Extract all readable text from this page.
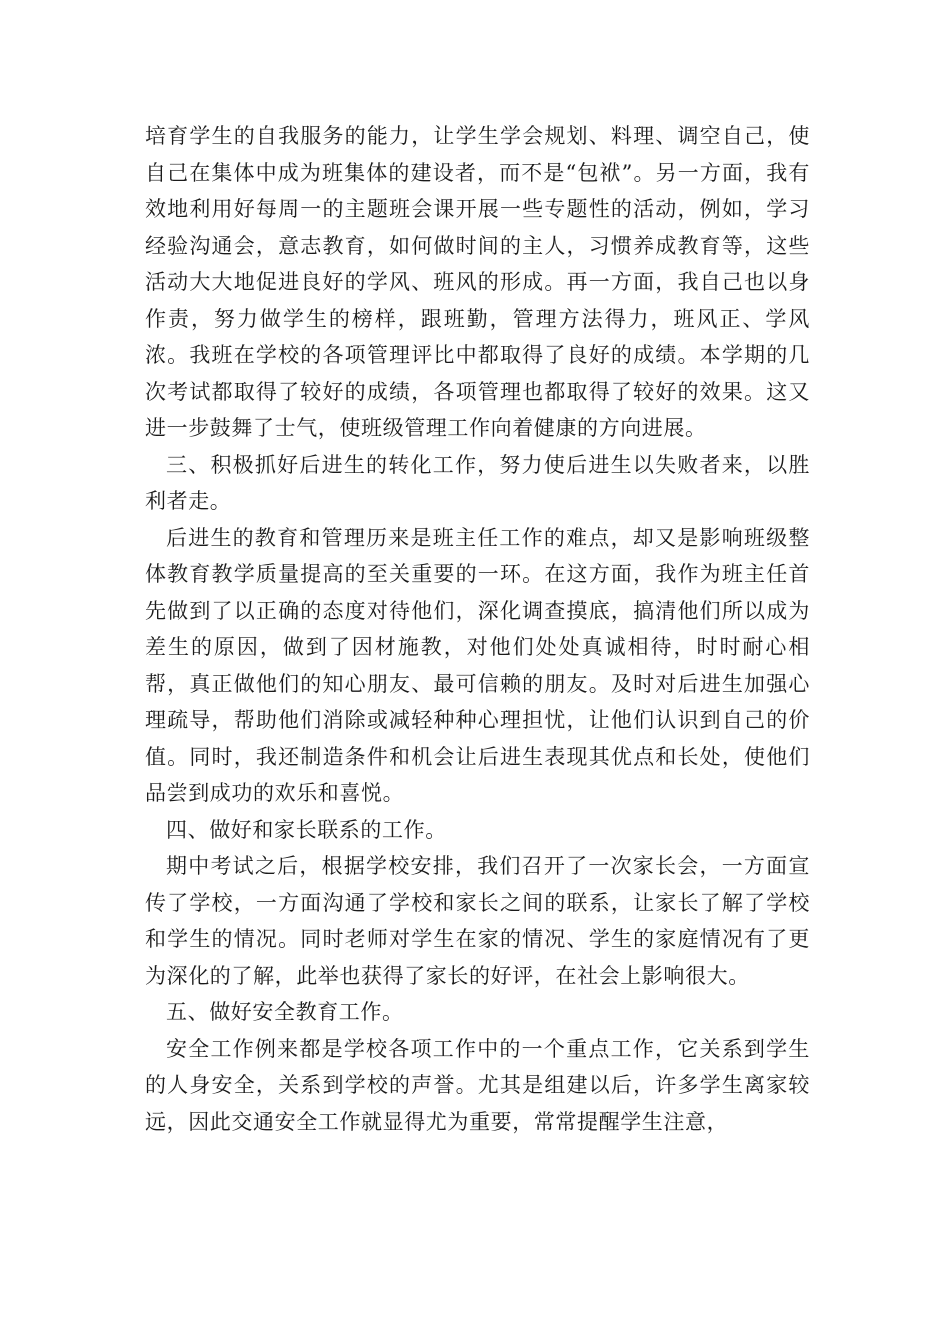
培育学生的自我服务的能力，让学生学会规划、料理、调空自己，使自己在集体中成为班集体的建设者，而不是“包袱”。另一方面，我有效地利用好每周一的主题班会课开展一些专题性的活动，例如，学习经验沟通会，意志教育，如何做时间的主人，习惯养成教育等，这些活动大大地促进良好的学风、班风的形成。再一方面，我自己也以身作责，努力做学生的榜样，跟班勤，管理方法得力，班风正、学风浓。我班在学校的各项管理评比中都取得了良好的成绩。本学期的几次考试都取得了较好的成绩，各项管理也都取得了较好的效果。这又进一步鼓舞了士气，使班级管理工作向着健康的方向进展。

三、积极抓好后进生的转化工作，努力使后进生以失败者来，以胜利者走。

后进生的教育和管理历来是班主任工作的难点，却又是影响班级整体教育教学质量提高的至关重要的一环。在这方面，我作为班主任首先做到了以正确的态度对待他们，深化调查摸底，搞清他们所以成为差生的原因，做到了因材施教，对他们处处真诚相待，时时耐心相帮，真正做他们的知心朋友、最可信赖的朋友。及时对后进生加强心理疏导，帮助他们消除或减轻种种心理担忧，让他们认识到自己的价值。同时，我还制造条件和机会让后进生表现其优点和长处，使他们品尝到成功的欢乐和喜悦。

四、做好和家长联系的工作。

期中考试之后，根据学校安排，我们召开了一次家长会，一方面宣传了学校，一方面沟通了学校和家长之间的联系，让家长了解了学校和学生的情况。同时老师对学生在家的情况、学生的家庭情况有了更为深化的了解，此举也获得了家长的好评，在社会上影响很大。

五、做好安全教育工作。

安全工作例来都是学校各项工作中的一个重点工作，它关系到学生的人身安全，关系到学校的声誉。尤其是组建以后，许多学生离家较远，因此交通安全工作就显得尤为重要，常常提醒学生注意，
